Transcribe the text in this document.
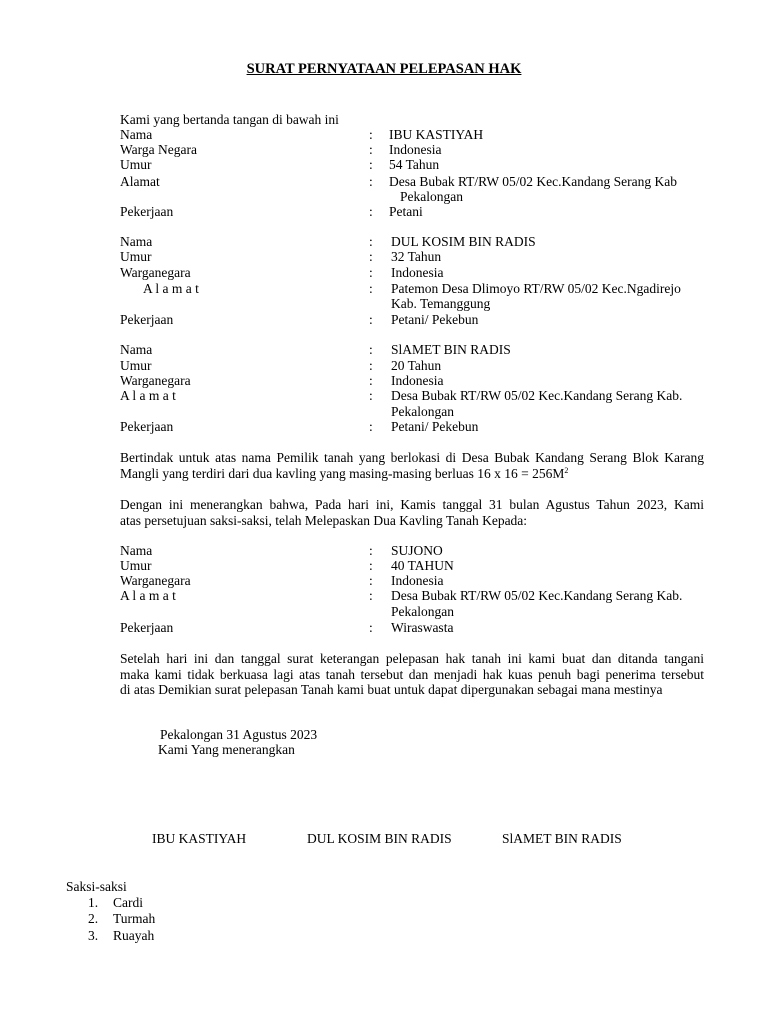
SURAT PERNYATAAN PELEPASAN HAK
Kami yang bertanda tangan di bawah ini
Nama	: IBU KASTIYAH
Warga Negara	: Indonesia
Umur	: 54 Tahun
Alamat	: Desa Bubak RT/RW 05/02 Kec.Kandang Serang Kab
Pekalongan
Pekerjaan	: Petani
Nama	: DUL KOSIM BIN RADIS
Umur	: 32 Tahun
Warganegara	: Indonesia
A l a m a t	: Patemon Desa Dlimoyo RT/RW 05/02 Kec.Ngadirejo
Kab. Temanggung
Pekerjaan	: Petani/ Pekebun
Nama	: SlAMET BIN RADIS
Umur	: 20 Tahun
Warganegara	: Indonesia
A l a m a t	: Desa Bubak RT/RW 05/02 Kec.Kandang Serang Kab.
Pekalongan
Pekerjaan	: Petani/ Pekebun
Bertindak untuk atas nama Pemilik tanah yang berlokasi di Desa Bubak Kandang Serang Blok Karang
Mangli yang terdiri dari dua kavling yang masing-masing berluas 16 x $16 = 256M^2$
Dengan ini menerangkan bahwa, Pada hari ini, Kamis tanggal 31 bulan Agustus Tahun 2023, Kami
atas persetujuan saksi-saksi, telah Melepaskan Dua Kavling Tanah Kepada:
Nama	: SUJONO
Umur	: 40 TAHUN
Warganegara	: Indonesia
A l a m a t	: Desa Bubak RT/RW 05/02 Kec.Kandang Serang Kab.
Pekalongan
Pekerjaan	: Wiraswasta
Setelah hari ini dan tanggal surat keterangan pelepasan hak tanah ini kami buat dan ditanda tangani
maka kami tidak berkuasa lagi atas tanah tersebut dan menjadi hak kuas penuh bagi penerima tersebut
di atas Demikian surat pelepasan Tanah kami buat untuk dapat dipergunakan sebagai mana mestinya
Pekalongan 31 Agustus 2023
Kami Yang menerangkan
IBU KASTIYAH	DUL KOSIM BIN RADIS	SlAMET BIN RADIS
Saksi-saksi
1. Cardi
2. Turmah
3. Ruayah
